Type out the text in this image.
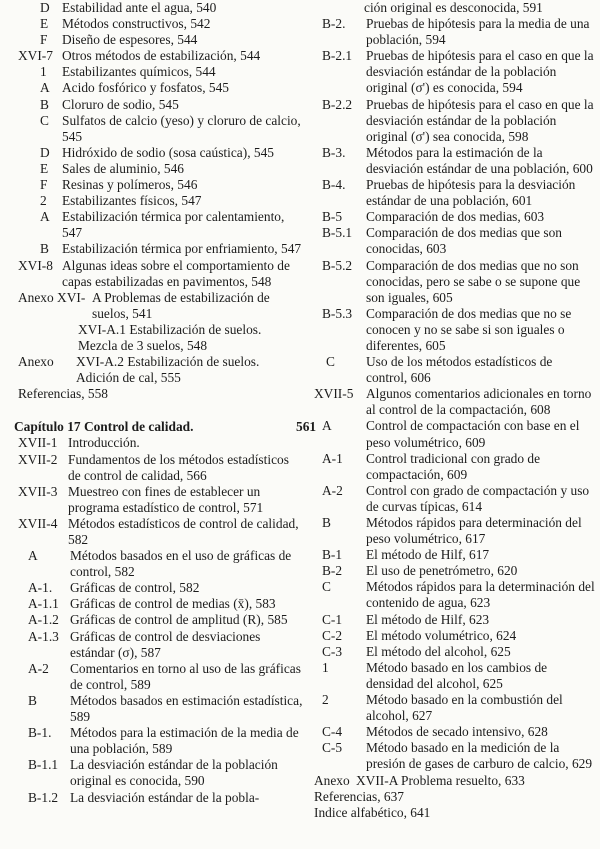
D Estabilidad ante el agua, 540
E	Métodos constructivos, 542
F	Diseño de espesores, 544
XVI-7 Otros métodos de estabilización, 544
1	Estabilizantes químicos, 544
A Acido fosfórico y fosfatos, 545
B Cloruro de sodio, 545
C Sulfatos de calcio (yeso) y cloruro de calcio, 545
D Hidróxido de sodio (sosa caústica), 545
E	Sales de aluminio, 546
F	Resinas y polímeros, 546
2	Estabilizantes físicos, 547
A Estabilización térmica por calentamiento, 547
B Estabilización térmica por enfriamiento, 547
XVI-8 Algunas ideas sobre el comportamiento de capas estabilizadas en pavimentos, 548
Anexo XVI- A Problemas de estabilización de suelos, 541
XVI-A.1 Estabilización de suelos. Mezcla de 3 suelos, 548
Anexo	XVI-A.2 Estabilización de suelos. Adición de cal, 555
Referencias, 558
Capítulo 17 Control de calidad.	561
XVII-1 Introducción.
XVII-2 Fundamentos de los métodos estadísticos de control de calidad, 566
XVII-3 Muestreo con fines de establecer un programa estadístico de control, 571
XVII-4 Métodos estadísticos de control de calidad, 582
A	Métodos basados en el uso de gráficas de control, 582
A-1.	Gráficas de control, 582
A-1.1 Gráficas de control de medias (x̄), 583
A-1.2 Gráficas de control de amplitud (R), 585
A-1.3 Gráficas de control de desviaciones estándar (σ), 587
A-2	Comentarios en torno al uso de las gráficas de control, 589
B	Métodos basados en estimación estadística, 589
B-1.	Métodos para la estimación de la media de una población, 589
B-1.1 La desviación estándar de la población original es conocida, 590
B-1.2 La desviación estándar de la pobla-
ción original es desconocida, 591
B-2.	Pruebas de hipótesis para la media de una población, 594
B-2.1	Pruebas de hipótesis para el caso en que la desviación estándar de la población original (σ') es conocida, 594
B-2.2	Pruebas de hipótesis para el caso en que la desviación estándar de la población original (σ') sea conocida, 598
B-3.	Métodos para la estimación de la desviación estándar de una población, 600
B-4.	Pruebas de hipótesis para la desviación estándar de una población, 601
B-5	Comparación de dos medias, 603
B-5.1	Comparación de dos medias que son conocidas, 603
B-5.2	Comparación de dos medias que no son conocidas, pero se sabe o se supone que son iguales, 605
B-5.3	Comparación de dos medias que no se conocen y no se sabe si son iguales o diferentes, 605
C	Uso de los métodos estadísticos de control, 606
XVII-5 Algunos comentarios adicionales en torno al control de la compactación, 608
A	Control de compactación con base en el peso volumétrico, 609
A-1	Control tradicional con grado de compactación, 609
A-2	Control con grado de compactación y uso de curvas típicas, 614
B	Métodos rápidos para determinación del peso volumétrico, 617
B-1	El método de Hilf, 617
B-2	El uso de penetrómetro, 620
C	Métodos rápidos para la determinación del contenido de agua, 623
C-1	El método de Hilf, 623
C-2	El método volumétrico, 624
C-3	El método del alcohol, 625
1	Método basado en los cambios de densidad del alcohol, 625
2	Método basado en la combustión del alcohol, 627
C-4	Métodos de secado intensivo, 628
C-5	Método basado en la medición de la presión de gases de carburo de calcio, 629
Anexo XVII-A Problema resuelto, 633
Referencias, 637
Indice alfabético, 641
